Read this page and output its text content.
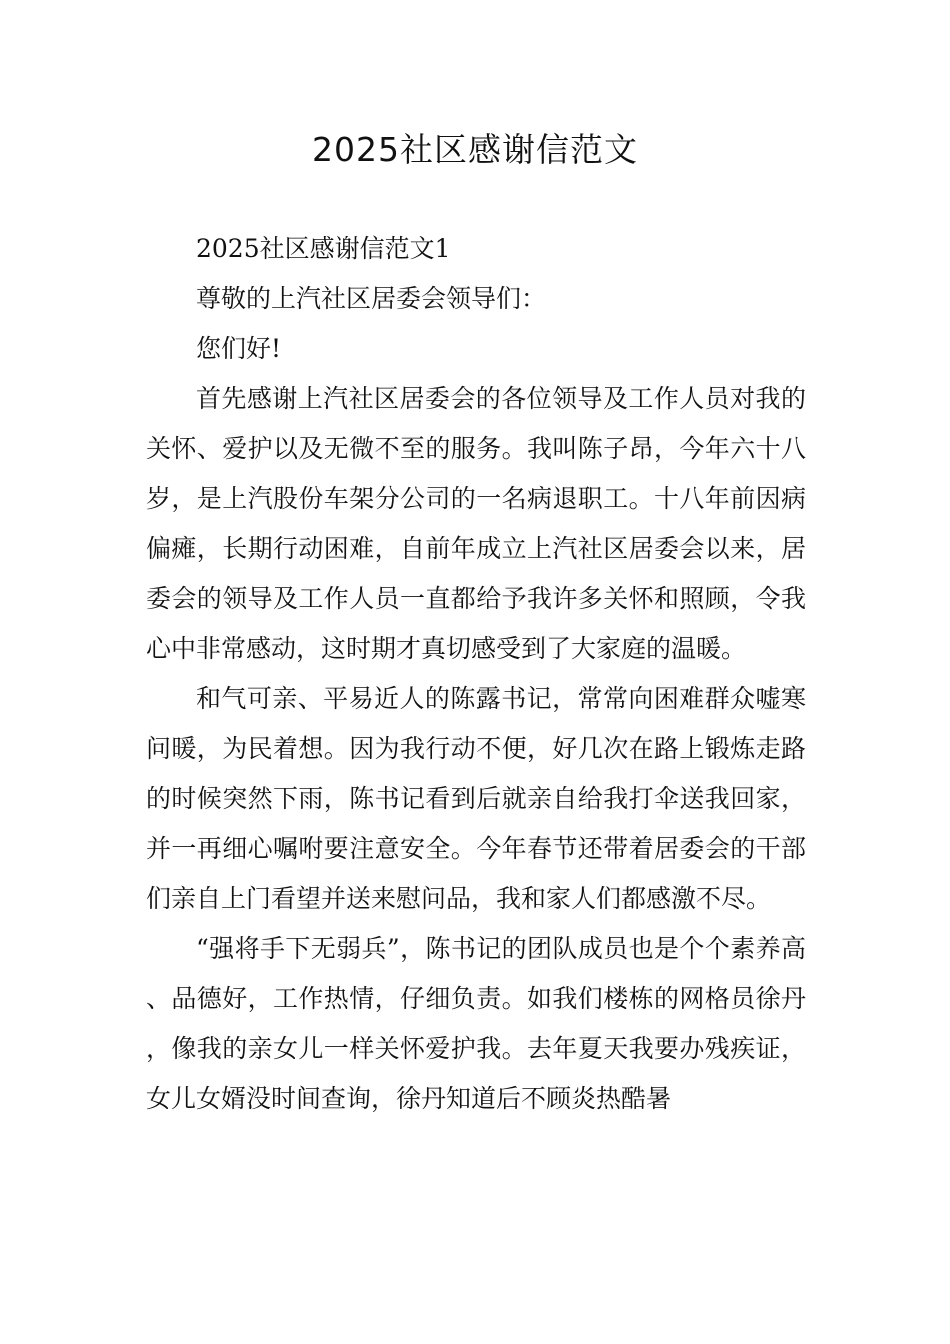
2025社区感谢信范文

2025社区感谢信范文1

尊敬的上汽社区居委会领导们：

您们好!

首先感谢上汽社区居委会的各位领导及工作人员对我的关怀、爱护以及无微不至的服务。我叫陈子昂，今年六十八岁，是上汽股份车架分公司的一名病退职工。十八年前因病偏瘫，长期行动困难，自前年成立上汽社区居委会以来，居委会的领导及工作人员一直都给予我许多关怀和照顾，令我心中非常感动，这时期才真切感受到了大家庭的温暖。

和气可亲、平易近人的陈露书记，常常向困难群众嘘寒问暖，为民着想。因为我行动不便，好几次在路上锻炼走路的时候突然下雨，陈书记看到后就亲自给我打伞送我回家，并一再细心嘱咐要注意安全。今年春节还带着居委会的干部们亲自上门看望并送来慰问品，我和家人们都感激不尽。

“强将手下无弱兵”，陈书记的团队成员也是个个素养高、品德好，工作热情，仔细负责。如我们楼栋的网格员徐丹，像我的亲女儿一样关怀爱护我。去年夏天我要办残疾证，女儿女婿没时间查询，徐丹知道后不顾炎热酷暑
